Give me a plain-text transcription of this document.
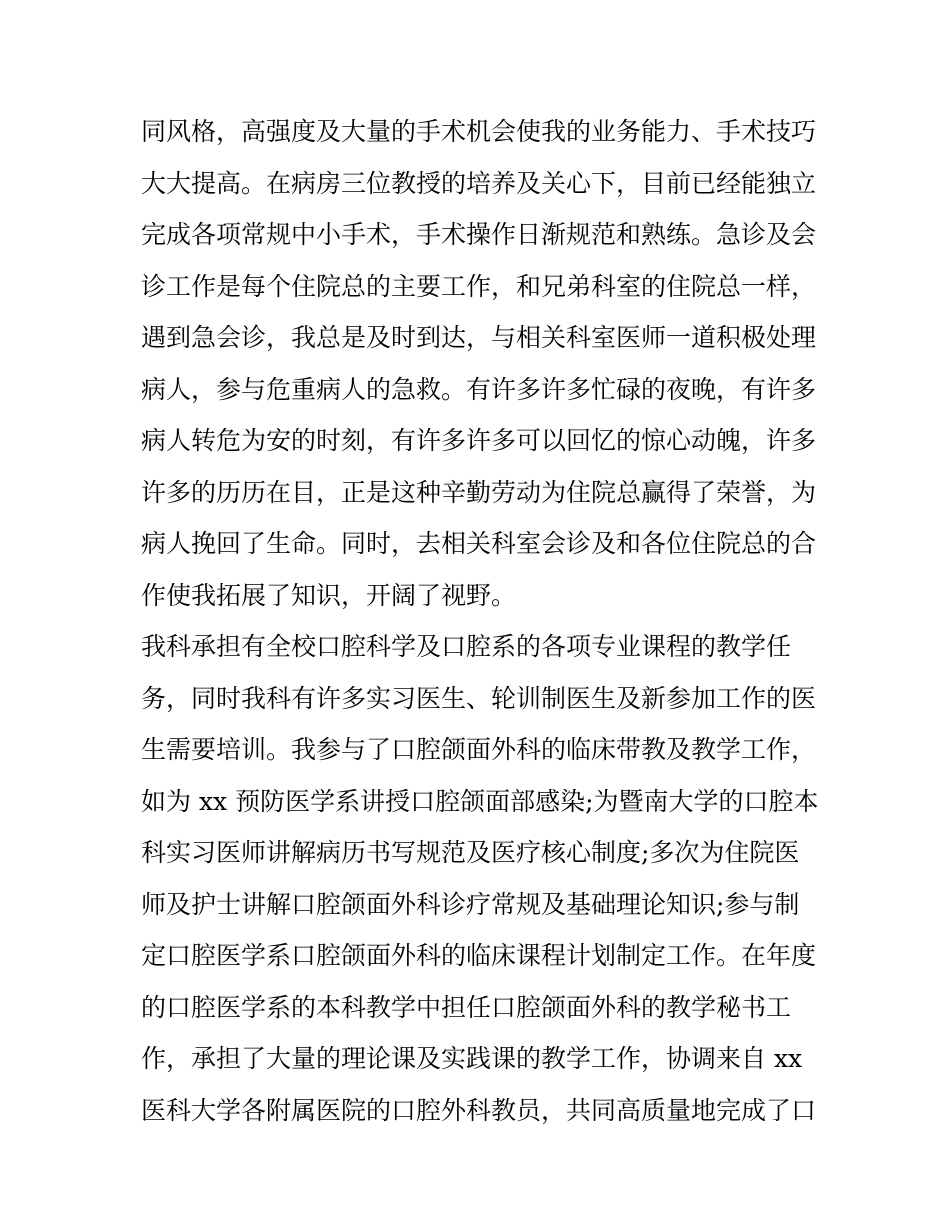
同风格，高强度及大量的手术机会使我的业务能力、手术技巧
大大提高。在病房三位教授的培养及关心下，目前已经能独立
完成各项常规中小手术，手术操作日渐规范和熟练。急诊及会
诊工作是每个住院总的主要工作，和兄弟科室的住院总一样，
遇到急会诊，我总是及时到达，与相关科室医师一道积极处理
病人，参与危重病人的急救。有许多许多忙碌的夜晚，有许多
病人转危为安的时刻，有许多许多可以回忆的惊心动魄，许多
许多的历历在目，正是这种辛勤劳动为住院总赢得了荣誉，为
病人挽回了生命。同时，去相关科室会诊及和各位住院总的合
作使我拓展了知识，开阔了视野。
我科承担有全校口腔科学及口腔系的各项专业课程的教学任
务，同时我科有许多实习医生、轮训制医生及新参加工作的医
生需要培训。我参与了口腔颌面外科的临床带教及教学工作，
如为 xx 预防医学系讲授口腔颌面部感染;为暨南大学的口腔本
科实习医师讲解病历书写规范及医疗核心制度;多次为住院医
师及护士讲解口腔颌面外科诊疗常规及基础理论知识;参与制
定口腔医学系口腔颌面外科的临床课程计划制定工作。在年度
的口腔医学系的本科教学中担任口腔颌面外科的教学秘书工
作，承担了大量的理论课及实践课的教学工作，协调来自 xx
医科大学各附属医院的口腔外科教员，共同高质量地完成了口
